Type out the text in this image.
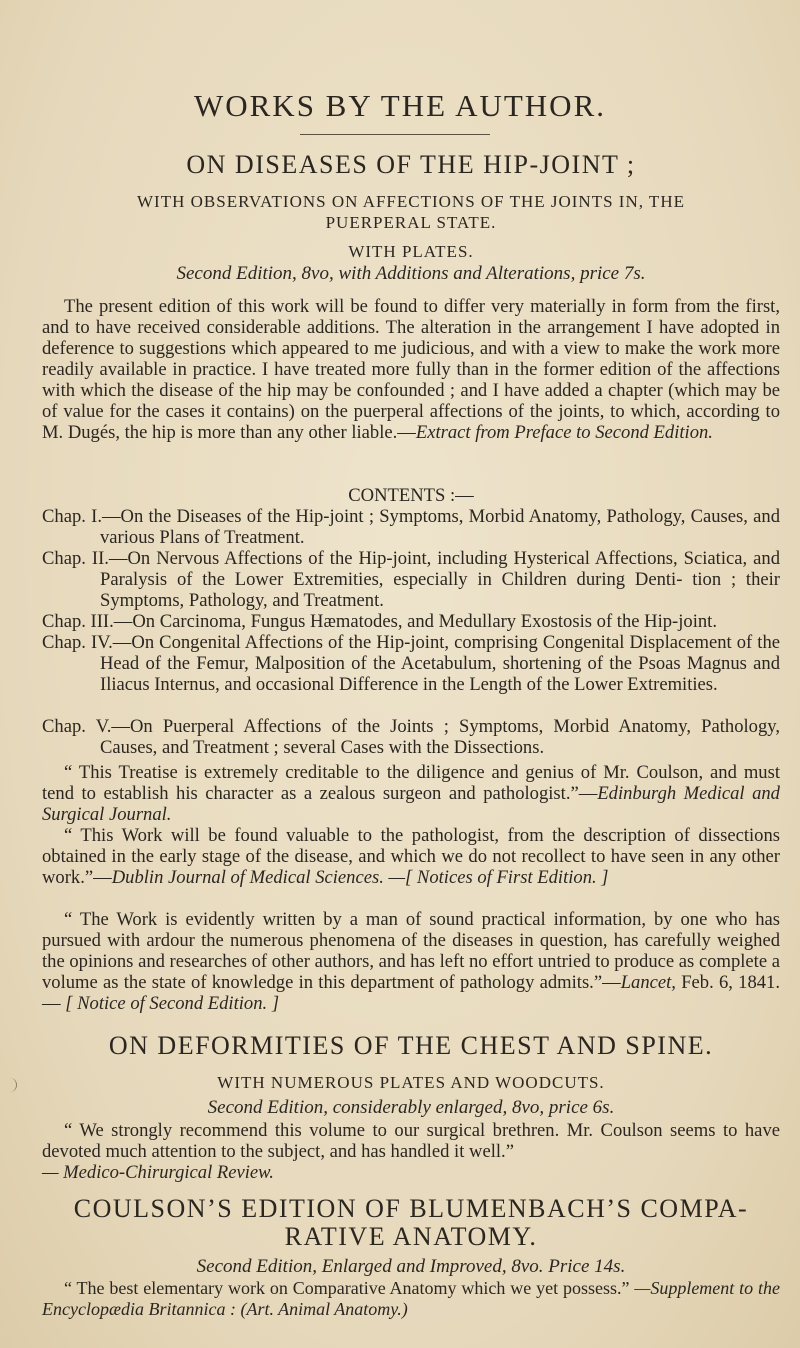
WORKS BY THE AUTHOR.
ON DISEASES OF THE HIP-JOINT ;
WITH OBSERVATIONS ON AFFECTIONS OF THE JOINTS IN, THE
PUERPERAL STATE.
WITH PLATES.
Second Edition, 8vo, with Additions and Alterations, price 7s.
The present edition of this work will be found to differ very materially in form from the first, and to have received considerable additions. The alteration in the arrangement I have adopted in deference to suggestions which appeared to me judicious, and with a view to make the work more readily available in practice. I have treated more fully than in the former edition of the affections with which the disease of the hip may be confounded ; and I have added a chapter (which may be of value for the cases it contains) on the puerperal affections of the joints, to which, according to M. Dugés, the hip is more than any other liable.—Extract from Preface to Second Edition.
CONTENTS :—
Chap. I.—On the Diseases of the Hip-joint ; Symptoms, Morbid Anatomy, Pathology, Causes, and various Plans of Treatment.
Chap. II.—On Nervous Affections of the Hip-joint, including Hysterical Affections, Sciatica, and Paralysis of the Lower Extremities, especially in Children during Denti- tion ; their Symptoms, Pathology, and Treatment.
Chap. III.—On Carcinoma, Fungus Hæmatodes, and Medullary Exostosis of the Hip-joint.
Chap. IV.—On Congenital Affections of the Hip-joint, comprising Congenital Displacement of the Head of the Femur, Malposition of the Acetabulum, shortening of the Psoas Magnus and Iliacus Internus, and occasional Difference in the Length of the Lower Extremities.
Chap. V.—On Puerperal Affections of the Joints ; Symptoms, Morbid Anatomy, Pathology, Causes, and Treatment ; several Cases with the Dissections.
“ This Treatise is extremely creditable to the diligence and genius of Mr. Coulson, and must tend to establish his character as a zealous surgeon and pathologist.”—Edinburgh Medical and Surgical Journal.
“ This Work will be found valuable to the pathologist, from the description of dissections obtained in the early stage of the disease, and which we do not recollect to have seen in any other work.”—Dublin Journal of Medical Sciences. —[ Notices of First Edition. ]
“ The Work is evidently written by a man of sound practical information, by one who has pursued with ardour the numerous phenomena of the diseases in question, has carefully weighed the opinions and researches of other authors, and has left no effort untried to produce as complete a volume as the state of knowledge in this department of pathology admits.”—Lancet, Feb. 6, 1841.— [ Notice of Second Edition. ]
ON DEFORMITIES OF THE CHEST AND SPINE.
WITH NUMEROUS PLATES AND WOODCUTS.
Second Edition, considerably enlarged, 8vo, price 6s.
“ We strongly recommend this volume to our surgical brethren. Mr. Coulson seems to have devoted much attention to the subject, and has handled it well.”
— Medico-Chirurgical Review.
COULSON’S EDITION OF BLUMENBACH’S COMPA- RATIVE ANATOMY.
Second Edition, Enlarged and Improved, 8vo. Price 14s.
“ The best elementary work on Comparative Anatomy which we yet possess.” —Supplement to the Encyclopædia Britannica : (Art. Animal Anatomy.)
